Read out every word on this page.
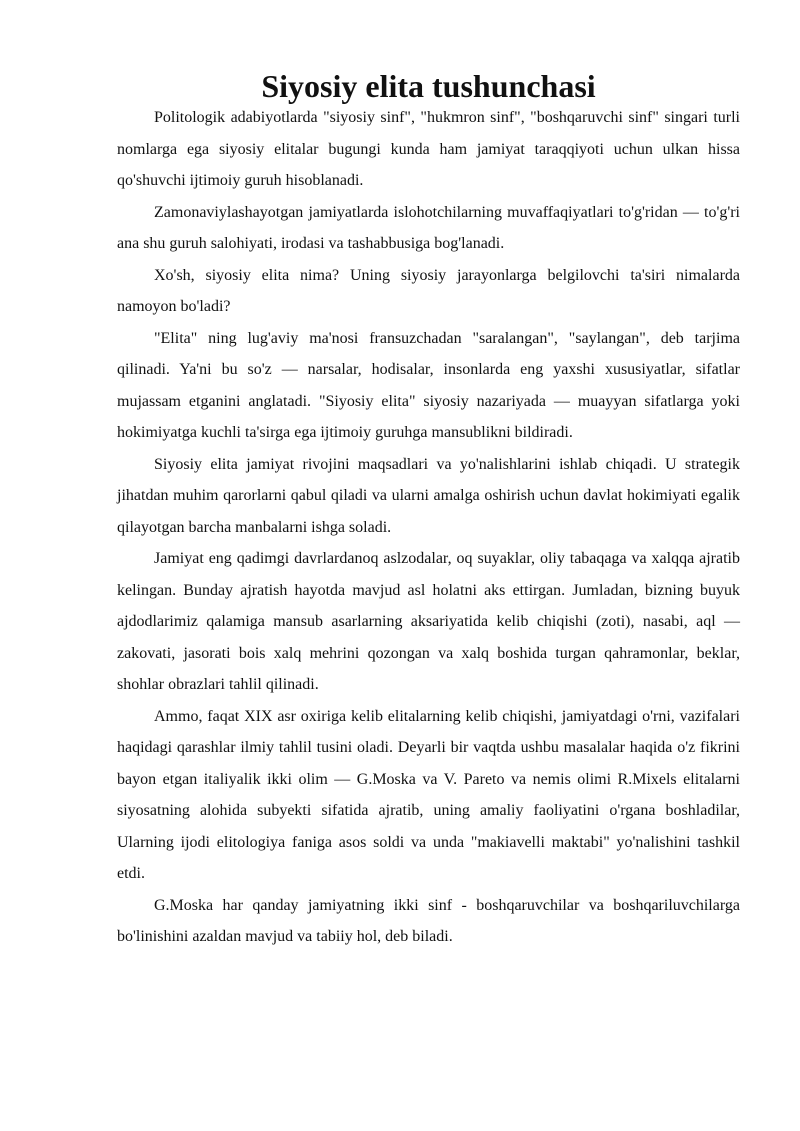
Siyosiy elita tushunchasi

Politologik adabiyotlarda "siyosiy sinf", "hukmron sinf", "boshqaruvchi sinf" singari turli nomlarga ega siyosiy elitalar bugungi kunda ham jamiyat taraqqiyoti uchun ulkan hissa qo'shuvchi ijtimoiy guruh hisoblanadi.

Zamonaviylashayotgan jamiyatlarda islohotchilarning muvaffaqiyatlari to'g'ridan — to'g'ri ana shu guruh salohiyati, irodasi va tashabbusiga bog'lanadi.

Xo'sh, siyosiy elita nima? Uning siyosiy jarayonlarga belgilovchi ta'siri nimalarda namoyon bo'ladi?

"Elita" ning lug'aviy ma'nosi fransuzchadan "saralangan", "saylangan", deb tarjima qilinadi. Ya'ni bu so'z — narsalar, hodisalar, insonlarda eng yaxshi xususiyatlar, sifatlar mujassam etganini anglatadi. "Siyosiy elita" siyosiy nazariyada — muayyan sifatlarga yoki hokimiyatga kuchli ta'sirga ega ijtimoiy guruhga mansublikni bildiradi.

Siyosiy elita jamiyat rivojini maqsadlari va yo'nalishlarini ishlab chiqadi. U strategik jihatdan muhim qarorlarni qabul qiladi va ularni amalga oshirish uchun davlat hokimiyati egalik qilayotgan barcha manbalarni ishga soladi.

Jamiyat eng qadimgi davrlardanoq aslzodalar, oq suyaklar, oliy tabaqaga va xalqqa ajratib kelingan. Bunday ajratish hayotda mavjud asl holatni aks ettirgan. Jumladan, bizning buyuk ajdodlarimiz qalamiga mansub asarlarning aksariyatida kelib chiqishi (zoti), nasabi, aql — zakovati, jasorati bois xalq mehrini qozongan va xalq boshida turgan qahramonlar, beklar, shohlar obrazlari tahlil qilinadi.

Ammo, faqat XIX asr oxiriga kelib elitalarning kelib chiqishi, jamiyatdagi o'rni, vazifalari haqidagi qarashlar ilmiy tahlil tusini oladi. Deyarli bir vaqtda ushbu masalalar haqida o'z fikrini bayon etgan italiyalik ikki olim — G.Moska va V. Pareto va nemis olimi R.Mixels elitalarni siyosatning alohida subyekti sifatida ajratib, uning amaliy faoliyatini o'rgana boshladilar, Ularning ijodi elitologiya faniga asos soldi va unda "makiavelli maktabi" yo'nalishini tashkil etdi.

G.Moska har qanday jamiyatning ikki sinf - boshqaruvchilar va boshqariluvchilarga bo'linishini azaldan mavjud va tabiiy hol, deb biladi.
